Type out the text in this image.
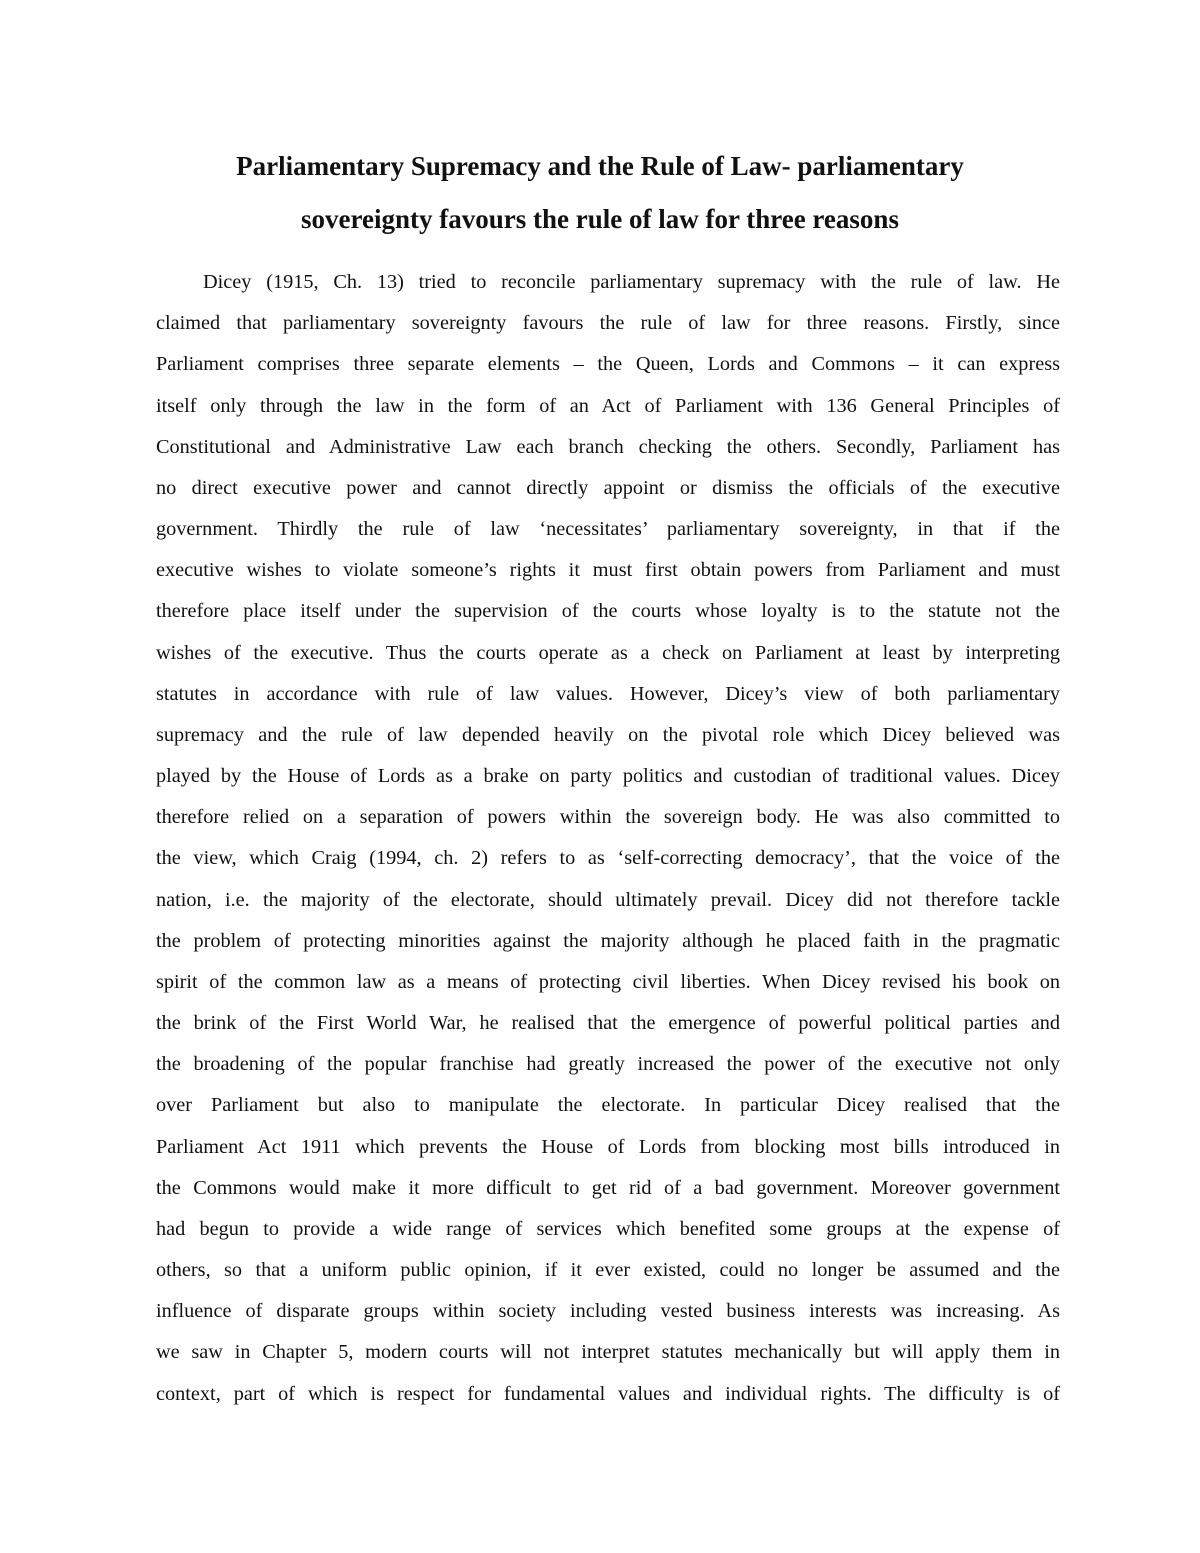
Parliamentary Supremacy and the Rule of Law- parliamentary
sovereignty favours the rule of law for three reasons
Dicey (1915, Ch. 13) tried to reconcile parliamentary supremacy with the rule of law. He
claimed that parliamentary sovereignty favours the rule of law for three reasons. Firstly, since
Parliament comprises three separate elements – the Queen, Lords and Commons – it can express
itself only through the law in the form of an Act of Parliament with 136 General Principles of
Constitutional and Administrative Law each branch checking the others. Secondly, Parliament has
no direct executive power and cannot directly appoint or dismiss the officials of the executive
government. Thirdly the rule of law ‘necessitates’ parliamentary sovereignty, in that if the
executive wishes to violate someone’s rights it must first obtain powers from Parliament and must
therefore place itself under the supervision of the courts whose loyalty is to the statute not the
wishes of the executive. Thus the courts operate as a check on Parliament at least by interpreting
statutes in accordance with rule of law values. However, Dicey’s view of both parliamentary
supremacy and the rule of law depended heavily on the pivotal role which Dicey believed was
played by the House of Lords as a brake on party politics and custodian of traditional values. Dicey
therefore relied on a separation of powers within the sovereign body. He was also committed to
the view, which Craig (1994, ch. 2) refers to as ‘self-correcting democracy’, that the voice of the
nation, i.e. the majority of the electorate, should ultimately prevail. Dicey did not therefore tackle
the problem of protecting minorities against the majority although he placed faith in the pragmatic
spirit of the common law as a means of protecting civil liberties. When Dicey revised his book on
the brink of the First World War, he realised that the emergence of powerful political parties and
the broadening of the popular franchise had greatly increased the power of the executive not only
over Parliament but also to manipulate the electorate. In particular Dicey realised that the
Parliament Act 1911 which prevents the House of Lords from blocking most bills introduced in
the Commons would make it more difficult to get rid of a bad government. Moreover government
had begun to provide a wide range of services which benefited some groups at the expense of
others, so that a uniform public opinion, if it ever existed, could no longer be assumed and the
influence of disparate groups within society including vested business interests was increasing. As
we saw in Chapter 5, modern courts will not interpret statutes mechanically but will apply them in
context, part of which is respect for fundamental values and individual rights. The difficulty is of
